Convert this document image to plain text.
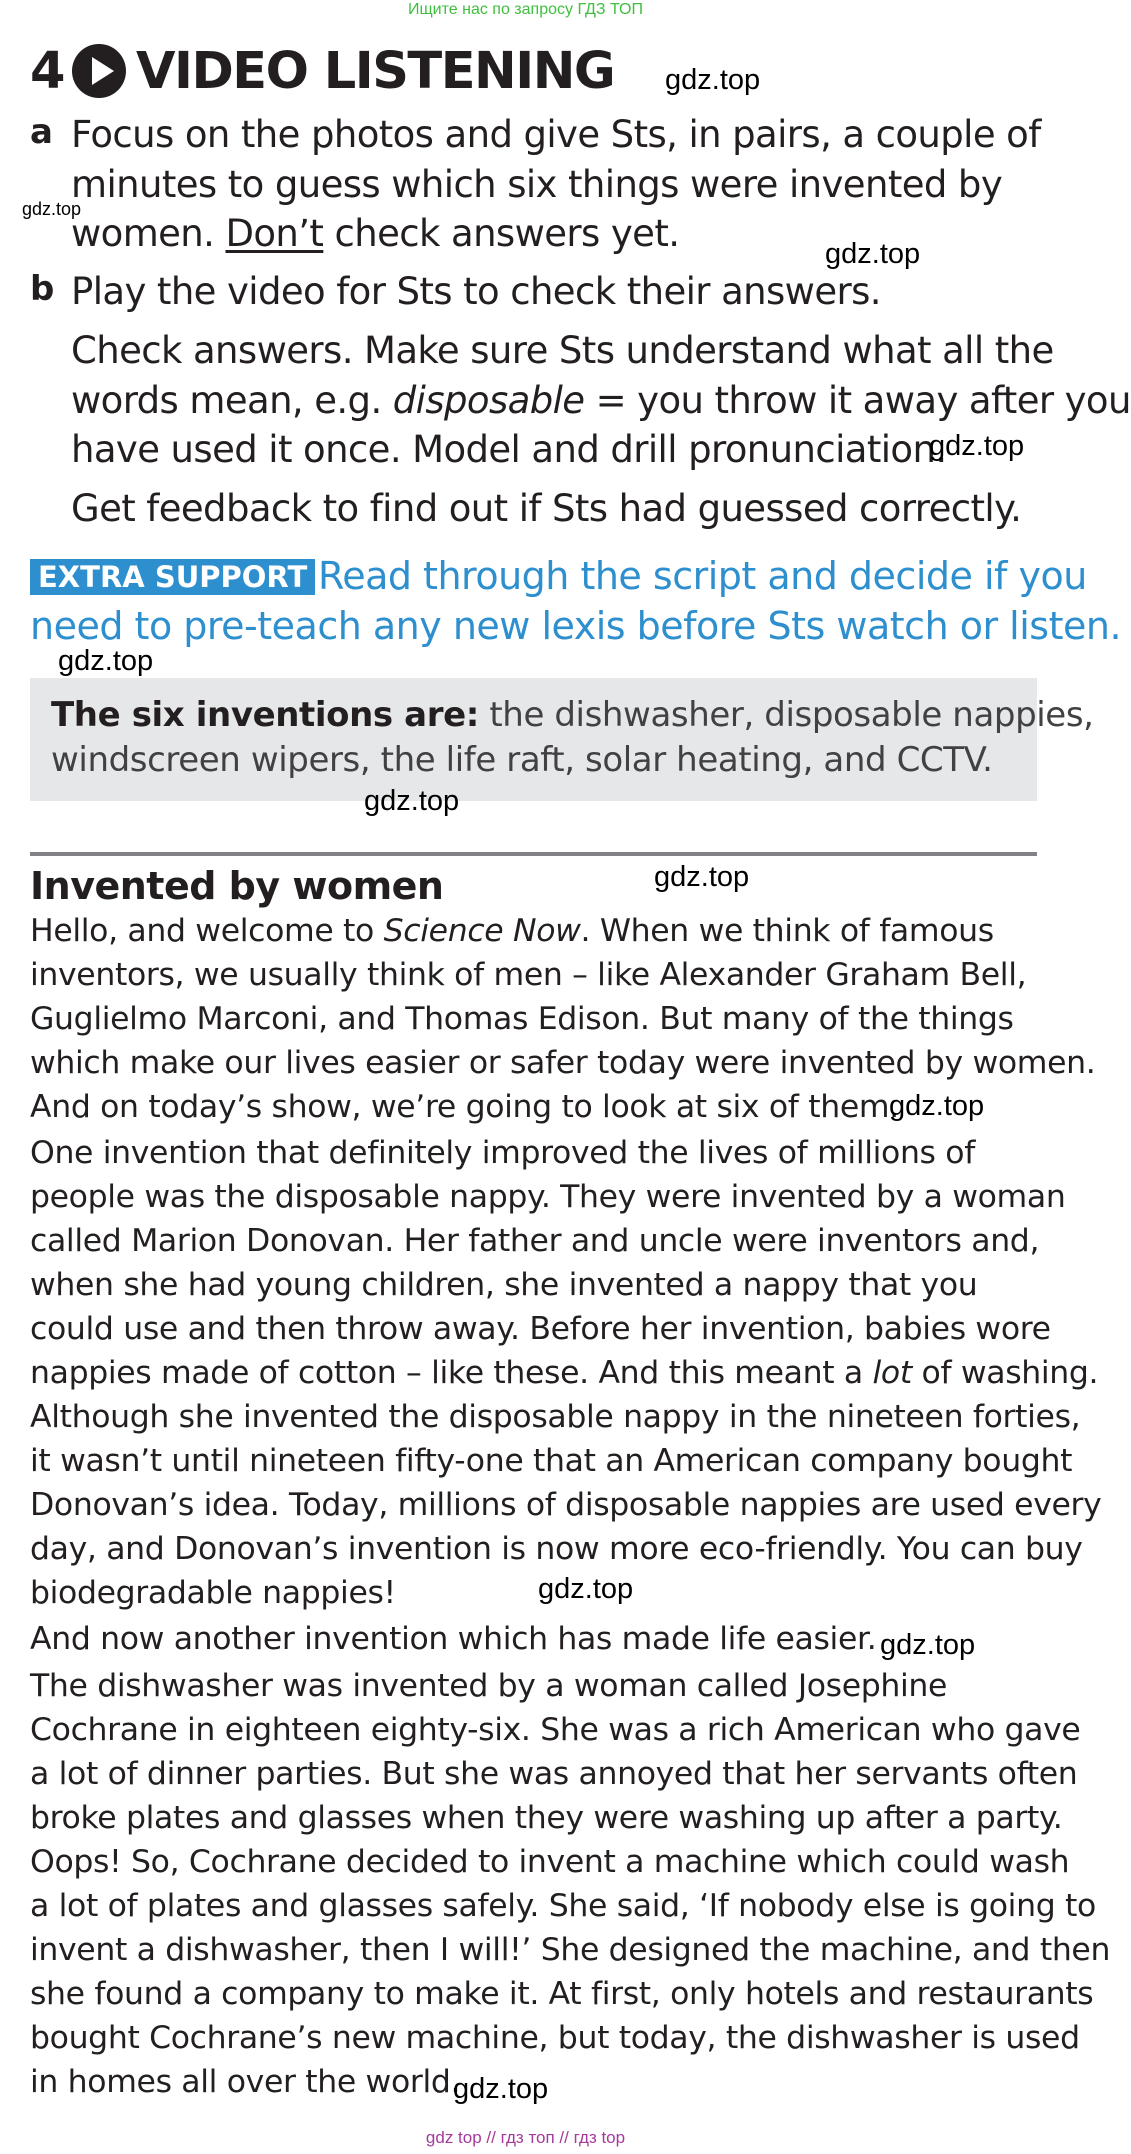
Ищите нас по запросу ГДЗ ТОП
4 VIDEO LISTENING
a Focus on the photos and give Sts, in pairs, a couple of
minutes to guess which six things were invented by
women. Don’t check answers yet.
b Play the video for Sts to check their answers.
Check answers. Make sure Sts understand what all the
words mean, e.g. disposable = you throw it away after you
have used it once. Model and drill pronunciation.
Get feedback to find out if Sts had guessed correctly.
Read through the script and decide if you
need to pre-teach any new lexis before Sts watch or listen.
EXTRA SUPPORT
The six inventions are: the dishwasher, disposable nappies,
windscreen wipers, the life raft, solar heating, and CCTV.
Invented by women
Hello, and welcome to Science Now. When we think of famous
inventors, we usually think of men – like Alexander Graham Bell,
Guglielmo Marconi, and Thomas Edison. But many of the things
which make our lives easier or safer today were invented by women.
And on today’s show, we’re going to look at six of them.
One invention that definitely improved the lives of millions of
people was the disposable nappy. They were invented by a woman
called Marion Donovan. Her father and uncle were inventors and,
when she had young children, she invented a nappy that you
could use and then throw away. Before her invention, babies wore
nappies made of cotton – like these. And this meant a lot of washing.
Although she invented the disposable nappy in the nineteen forties,
it wasn’t until nineteen fifty-one that an American company bought
Donovan’s idea. Today, millions of disposable nappies are used every
day, and Donovan’s invention is now more eco-friendly. You can buy
biodegradable nappies!
And now another invention which has made life easier.
The dishwasher was invented by a woman called Josephine
Cochrane in eighteen eighty-six. She was a rich American who gave
a lot of dinner parties. But she was annoyed that her servants often
broke plates and glasses when they were washing up after a party.
Oops! So, Cochrane decided to invent a machine which could wash
a lot of plates and glasses safely. She said, ‘If nobody else is going to
invent a dishwasher, then I will!’ She designed the machine, and then
she found a company to make it. At first, only hotels and restaurants
bought Cochrane’s new machine, but today, the dishwasher is used
in homes all over the world.
gdz.top
gdz.top
gdz.top
gdz.top
gdz.top
gdz.top
gdz.top
gdz.top
gdz.top
gdz.top
gdz.top
gdz top // гдз топ // гдз top
